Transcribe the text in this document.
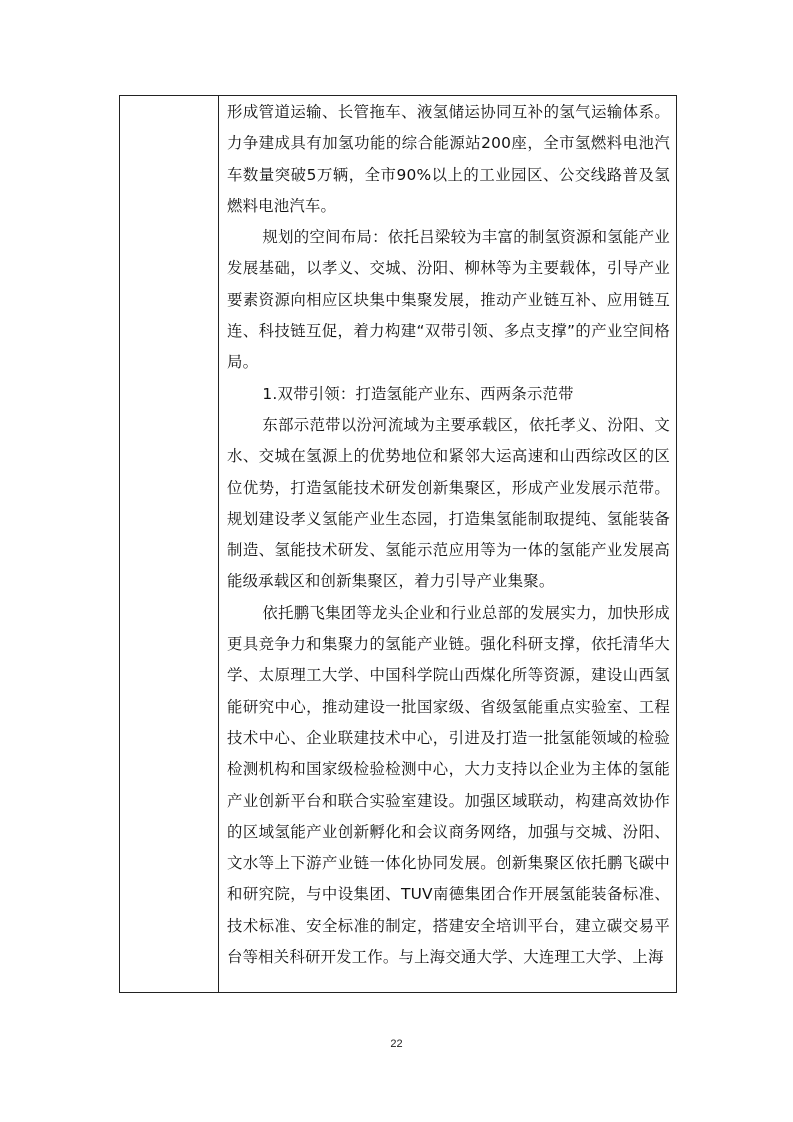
形成管道运输、长管拖车、液氢储运协同互补的氢气运输体系。力争建成具有加氢功能的综合能源站200座，全市氢燃料电池汽车数量突破5万辆，全市90%以上的工业园区、公交线路普及氢燃料电池汽车。

规划的空间布局：依托吕梁较为丰富的制氢资源和氢能产业发展基础，以孝义、交城、汾阳、柳林等为主要载体，引导产业要素资源向相应区块集中集聚发展，推动产业链互补、应用链互连、科技链互促，着力构建“双带引领、多点支撑”的产业空间格局。

1.双带引领：打造氢能产业东、西两条示范带

东部示范带以汾河流域为主要承载区，依托孝义、汾阳、文水、交城在氢源上的优势地位和紧邻大运高速和山西综改区的区位优势，打造氢能技术研发创新集聚区，形成产业发展示范带。规划建设孝义氢能产业生态园，打造集氢能制取提纯、氢能装备制造、氢能技术研发、氢能示范应用等为一体的氢能产业发展高能级承载区和创新集聚区，着力引导产业集聚。

依托鹏飞集团等龙头企业和行业总部的发展实力，加快形成更具竞争力和集聚力的氢能产业链。强化科研支撑，依托清华大学、太原理工大学、中国科学院山西煤化所等资源，建设山西氢能研究中心，推动建设一批国家级、省级氢能重点实验室、工程技术中心、企业联建技术中心，引进及打造一批氢能领域的检验检测机构和国家级检验检测中心，大力支持以企业为主体的氢能产业创新平台和联合实验室建设。加强区域联动，构建高效协作的区域氢能产业创新孵化和会议商务网络，加强与交城、汾阳、文水等上下游产业链一体化协同发展。创新集聚区依托鹏飞碳中和研究院，与中设集团、TUV南德集团合作开展氢能装备标准、技术标准、安全标准的制定，搭建安全培训平台，建立碳交易平台等相关科研开发工作。与上海交通大学、大连理工大学、上海

22
